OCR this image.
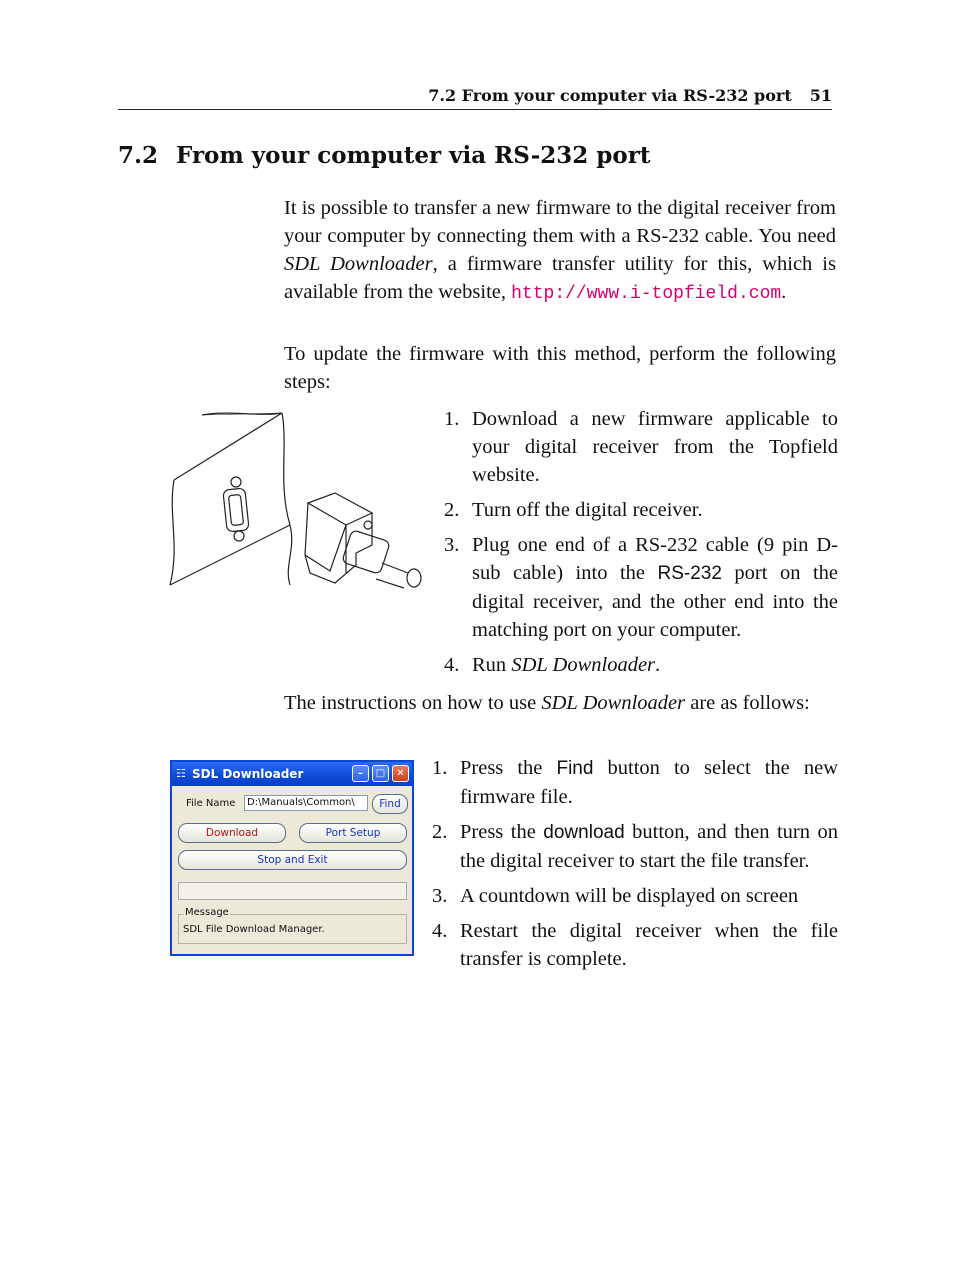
7.2 From your computer via RS-232 port 51
7.2 From your computer via RS-232 port

It is possible to transfer a new firmware to the digital receiver from your computer by connecting them with a RS-232 cable. You need SDL Downloader, a firmware transfer utility for this, which is available from the website, http://www.i-topfield.com.

To update the firmware with this method, perform the following steps:

1. Download a new firmware applicable to your digital receiver from the Topfield website.
2. Turn off the digital receiver.
3. Plug one end of a RS-232 cable (9 pin D-sub cable) into the RS-232 port on the digital receiver, and the other end into the matching port on your computer.
4. Run SDL Downloader.

The instructions on how to use SDL Downloader are as follows:

☷ SDL Downloader	–	□	✕
File Name	D:\Manuals\Common\	Find
Download	Port Setup
Stop and Exit
Message
SDL File Download Manager.
1. Press the Find button to select the new firmware file.
2. Press the download button, and then turn on the digital receiver to start the file transfer.
3. A countdown will be displayed on screen
4. Restart the digital receiver when the file transfer is complete.
